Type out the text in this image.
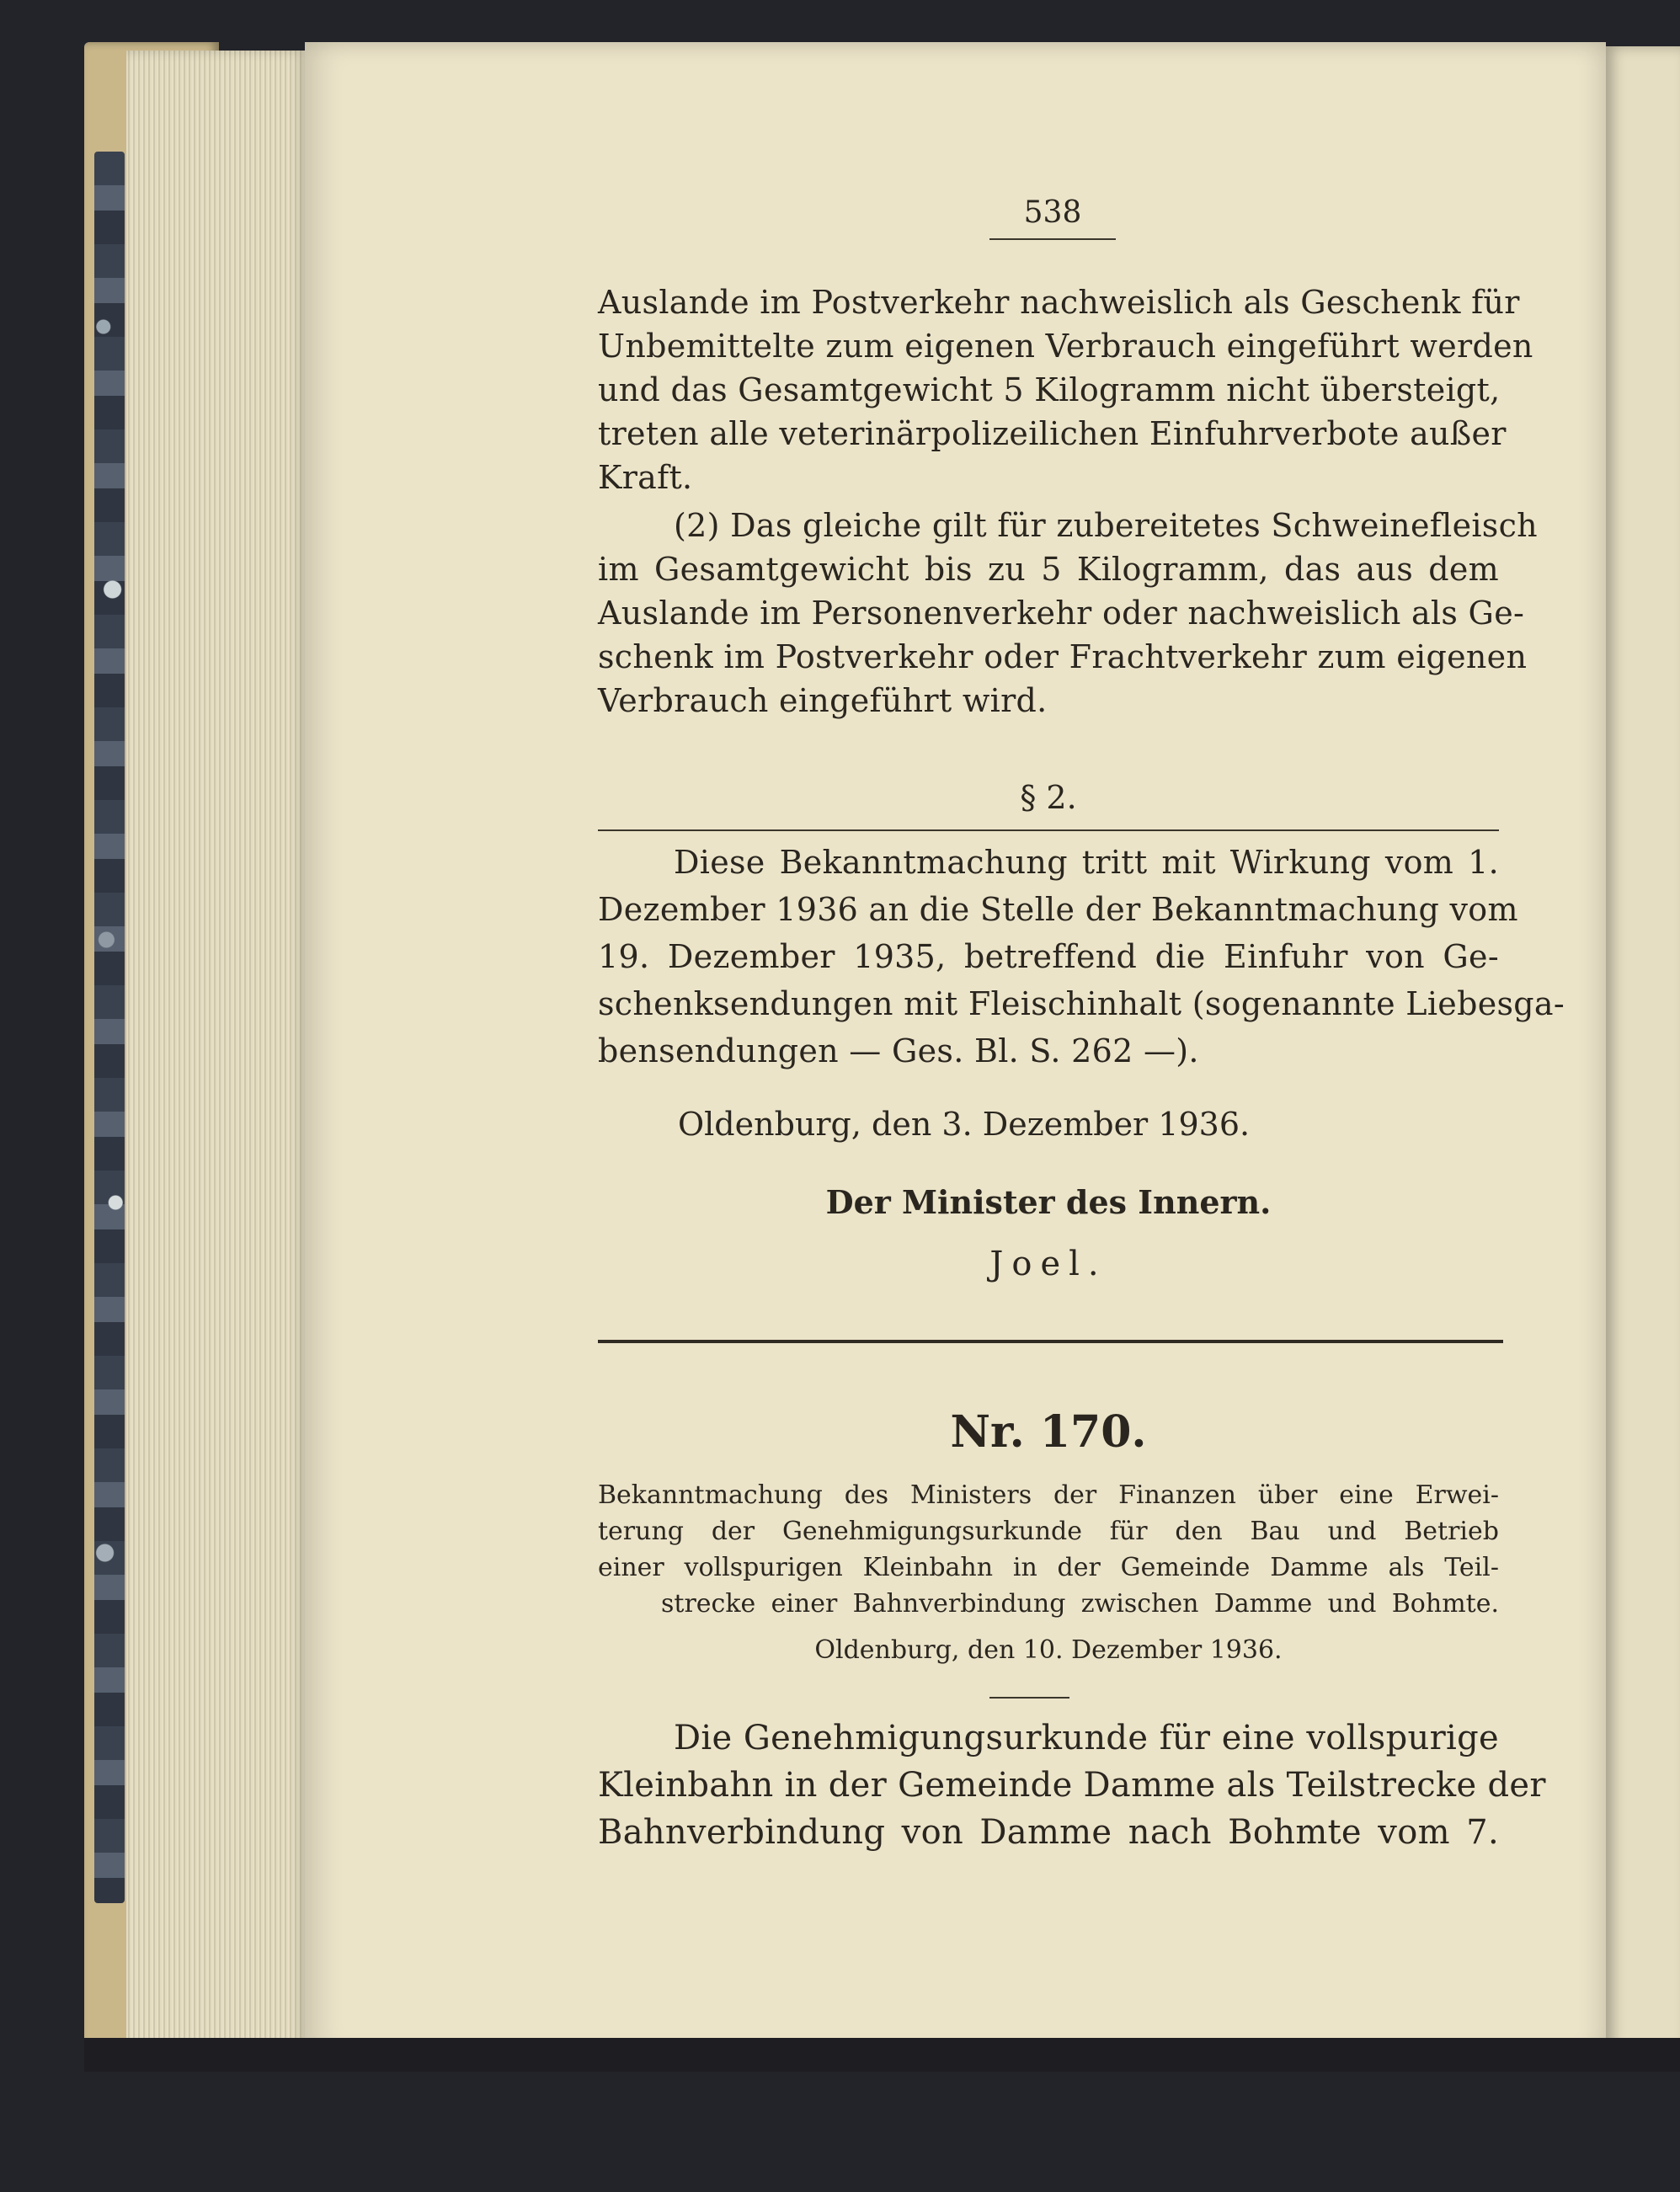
538
Auslande im Postverkehr nachweislich als Geschenk für
Unbemittelte zum eigenen Verbrauch eingeführt werden
und das Gesamtgewicht 5 Kilogramm nicht übersteigt,
treten alle veterinärpolizeilichen Einfuhrverbote außer
Kraft.
(2) Das gleiche gilt für zubereitetes Schweinefleisch
im Gesamtgewicht bis zu 5 Kilogramm, das aus dem
Auslande im Personenverkehr oder nachweislich als Ge-
schenk im Postverkehr oder Frachtverkehr zum eigenen
Verbrauch eingeführt wird.
§ 2.
Diese Bekanntmachung tritt mit Wirkung vom 1.
Dezember 1936 an die Stelle der Bekanntmachung vom
19. Dezember 1935, betreffend die Einfuhr von Ge-
schenksendungen mit Fleischinhalt (sogenannte Liebesga-
bensendungen — Ges. Bl. S. 262 —).
Oldenburg, den 3. Dezember 1936.
Der Minister des Innern.
Joel.
Nr. 170.
Bekanntmachung des Ministers der Finanzen über eine Erwei-
terung der Genehmigungsurkunde für den Bau und Betrieb
einer vollspurigen Kleinbahn in der Gemeinde Damme als Teil-
strecke einer Bahnverbindung zwischen Damme und Bohmte.
Oldenburg, den 10. Dezember 1936.
Die Genehmigungsurkunde für eine vollspurige
Kleinbahn in der Gemeinde Damme als Teilstrecke der
Bahnverbindung von Damme nach Bohmte vom 7.
